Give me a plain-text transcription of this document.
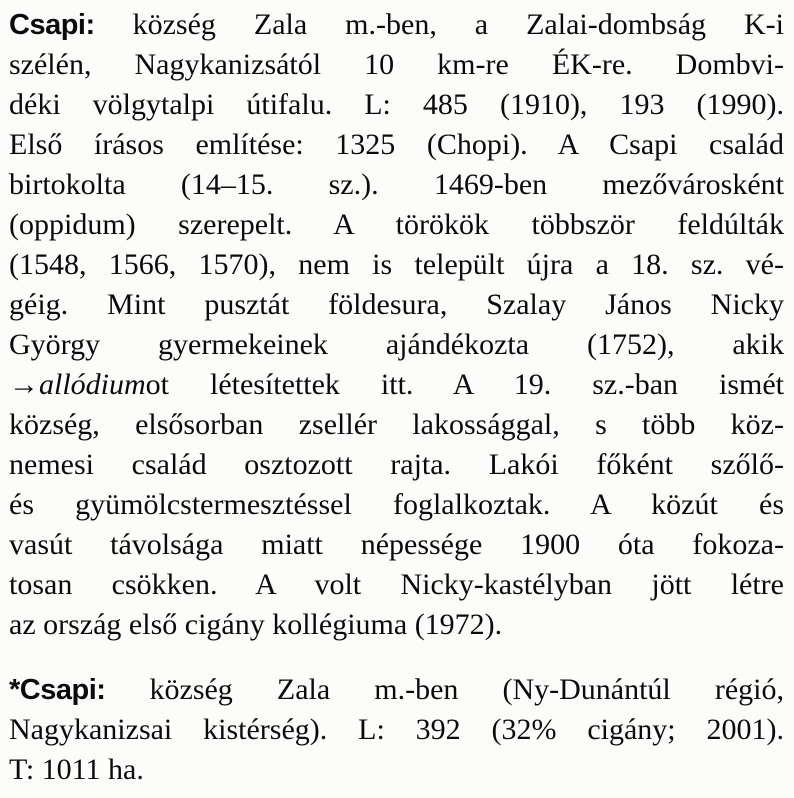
Csapi: község Zala m.-ben, a Zalai-dombság K-i
szélén, Nagykanizsától 10 km-re ÉK-re. Dombvi-
déki völgytalpi útifalu. L: 485 (1910), 193 (1990).
Első írásos említése: 1325 (Chopi). A Csapi család
birtokolta (14–15. sz.). 1469-ben mezővárosként
(oppidum) szerepelt. A törökök többször feldúlták
(1548, 1566, 1570), nem is települt újra a 18. sz. vé-
géig. Mint pusztát földesura, Szalay János Nicky
György gyermekeinek ajándékozta (1752), akik
→allódiumot létesítettek itt. A 19. sz.-ban ismét
község, elsősorban zsellér lakossággal, s több köz-
nemesi család osztozott rajta. Lakói főként szőlő-
és gyümölcstermesztéssel foglalkoztak. A közút és
vasút távolsága miatt népessége 1900 óta fokoza-
tosan csökken. A volt Nicky-kastélyban jött létre
az ország első cigány kollégiuma (1972).
*Csapi: község Zala m.-ben (Ny-Dunántúl régió,
Nagykanizsai kistérség). L: 392 (32% cigány; 2001).
T: 1011 ha.
